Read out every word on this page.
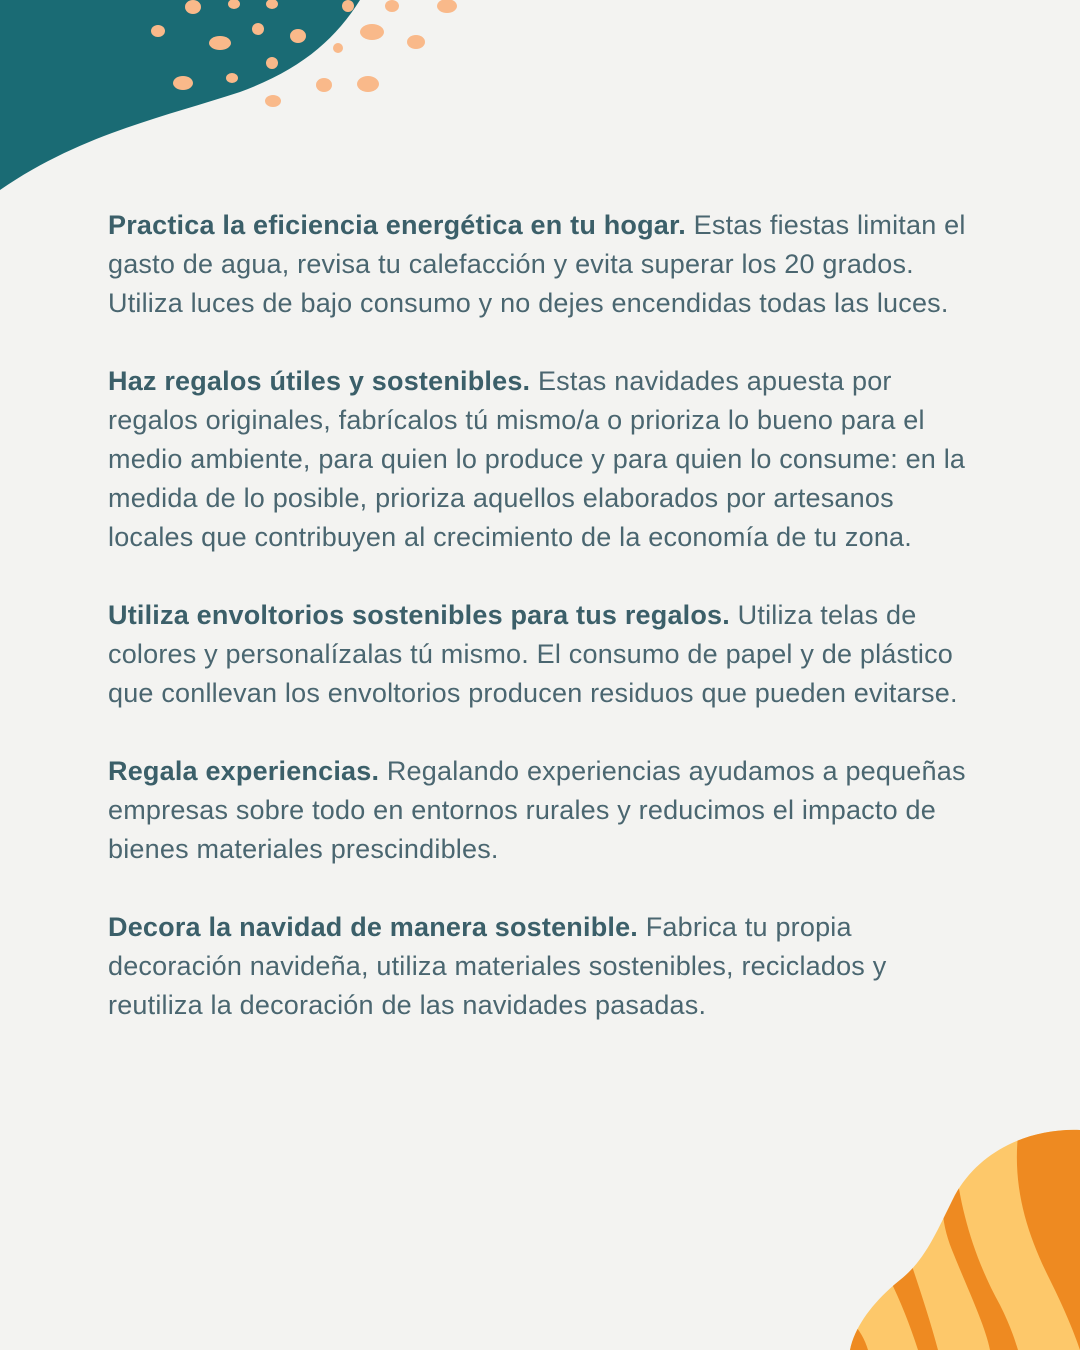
Practica la eficiencia energética en tu hogar. Estas fiestas limitan el gasto de agua, revisa tu calefacción y evita superar los 20 grados. Utiliza luces de bajo consumo y no dejes encendidas todas las luces.

Haz regalos útiles y sostenibles. Estas navidades apuesta por regalos originales, fabrícalos tú mismo/a o prioriza lo bueno para el medio ambiente, para quien lo produce y para quien lo consume: en la medida de lo posible, prioriza aquellos elaborados por artesanos locales que contribuyen al crecimiento de la economía de tu zona.

Utiliza envoltorios sostenibles para tus regalos. Utiliza telas de colores y personalízalas tú mismo. El consumo de papel y de plástico que conllevan los envoltorios producen residuos que pueden evitarse.

Regala experiencias. Regalando experiencias ayudamos a pequeñas empresas sobre todo en entornos rurales y reducimos el impacto de bienes materiales prescindibles.

Decora la navidad de manera sostenible. Fabrica tu propia decoración navideña, utiliza materiales sostenibles, reciclados y reutiliza la decoración de las navidades pasadas.
